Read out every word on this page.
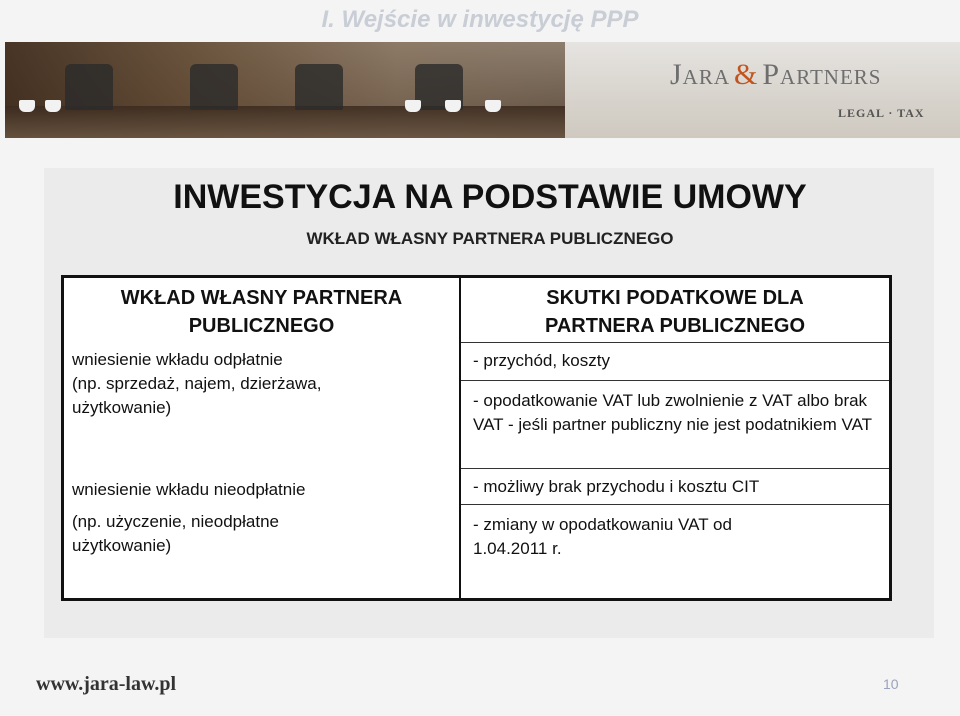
I. Wejście w inwestycję PPP
Jara & Partners
LEGAL · TAX
INWESTYCJA NA PODSTAWIE UMOWY
WKŁAD WŁASNY PARTNERA PUBLICZNEGO
WKŁAD WŁASNY PARTNERA PUBLICZNEGO
wniesienie wkładu odpłatnie
(np. sprzedaż, najem, dzierżawa, użytkowanie)
wniesienie wkładu nieodpłatnie
(np. użyczenie, nieodpłatne użytkowanie)
SKUTKI PODATKOWE DLA PARTNERA PUBLICZNEGO
- przychód, koszty
- opodatkowanie VAT lub zwolnienie z VAT albo brak VAT - jeśli partner publiczny nie jest podatnikiem VAT
- możliwy brak przychodu i kosztu CIT
- zmiany w opodatkowaniu VAT od 1.04.2011 r.
www.jara-law.pl	10
